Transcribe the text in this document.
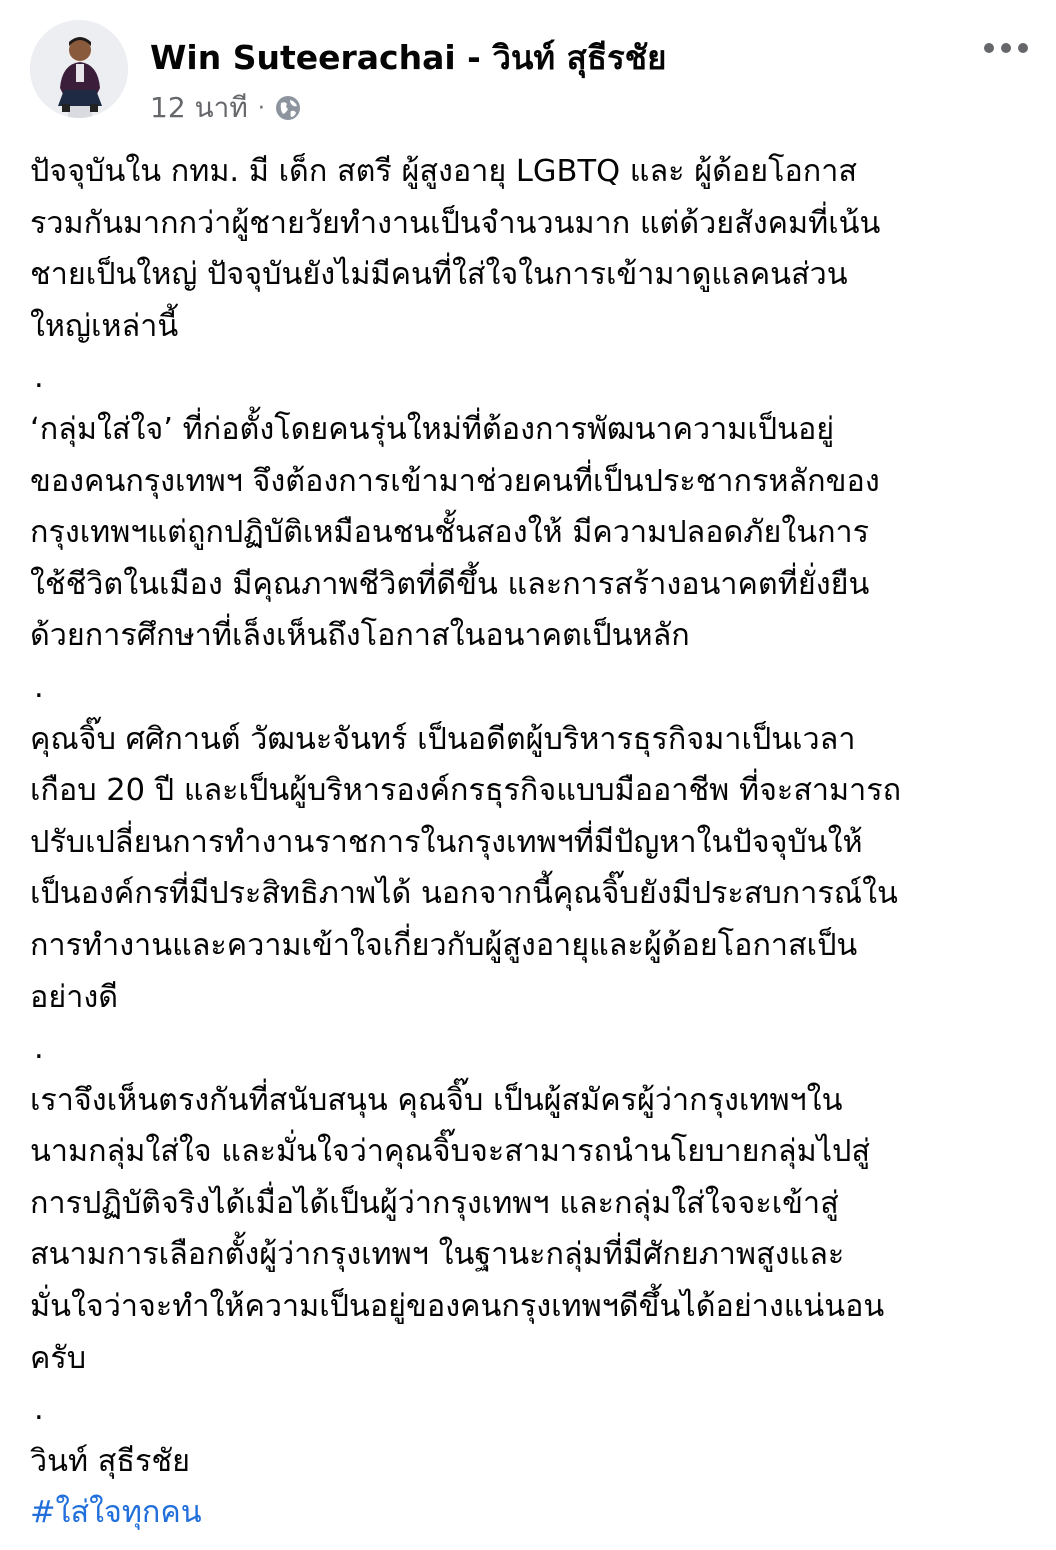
Win Suteerachai - วินท์ สุธีรชัย
12 นาที ·
ปัจจุบันใน กทม. มี เด็ก สตรี ผู้สูงอายุ LGBTQ และ ผู้ด้อยโอกาส
รวมกันมากกว่าผู้ชายวัยทำงานเป็นจำนวนมาก แต่ด้วยสังคมที่เน้น
ชายเป็นใหญ่ ปัจจุบันยังไม่มีคนที่ใส่ใจในการเข้ามาดูแลคนส่วน
ใหญ่เหล่านี้
.
‘กลุ่มใส่ใจ’ ที่ก่อตั้งโดยคนรุ่นใหม่ที่ต้องการพัฒนาความเป็นอยู่
ของคนกรุงเทพฯ จึงต้องการเข้ามาช่วยคนที่เป็นประชากรหลักของ
กรุงเทพฯแต่ถูกปฏิบัติเหมือนชนชั้นสองให้ มีความปลอดภัยในการ
ใช้ชีวิตในเมือง มีคุณภาพชีวิตที่ดีขึ้น และการสร้างอนาคตที่ยั่งยืน
ด้วยการศึกษาที่เล็งเห็นถึงโอกาสในอนาคตเป็นหลัก
.
คุณจิ๊บ ศศิกานต์ วัฒนะจันทร์ เป็นอดีตผู้บริหารธุรกิจมาเป็นเวลา
เกือบ 20 ปี และเป็นผู้บริหารองค์กรธุรกิจแบบมืออาชีพ ที่จะสามารถ
ปรับเปลี่ยนการทำงานราชการในกรุงเทพฯที่มีปัญหาในปัจจุบันให้
เป็นองค์กรที่มีประสิทธิภาพได้ นอกจากนี้คุณจิ๊บยังมีประสบการณ์ใน
การทำงานและความเข้าใจเกี่ยวกับผู้สูงอายุและผู้ด้อยโอกาสเป็น
อย่างดี
.
เราจึงเห็นตรงกันที่สนับสนุน คุณจิ๊บ เป็นผู้สมัครผู้ว่ากรุงเทพฯใน
นามกลุ่มใส่ใจ และมั่นใจว่าคุณจิ๊บจะสามารถนำนโยบายกลุ่มไปสู่
การปฏิบัติจริงได้เมื่อได้เป็นผู้ว่ากรุงเทพฯ และกลุ่มใส่ใจจะเข้าสู่
สนามการเลือกตั้งผู้ว่ากรุงเทพฯ ในฐานะกลุ่มที่มีศักยภาพสูงและ
มั่นใจว่าจะทำให้ความเป็นอยู่ของคนกรุงเทพฯดีขึ้นได้อย่างแน่นอน
ครับ
.
วินท์ สุธีรชัย
#ใส่ใจทุกคน
